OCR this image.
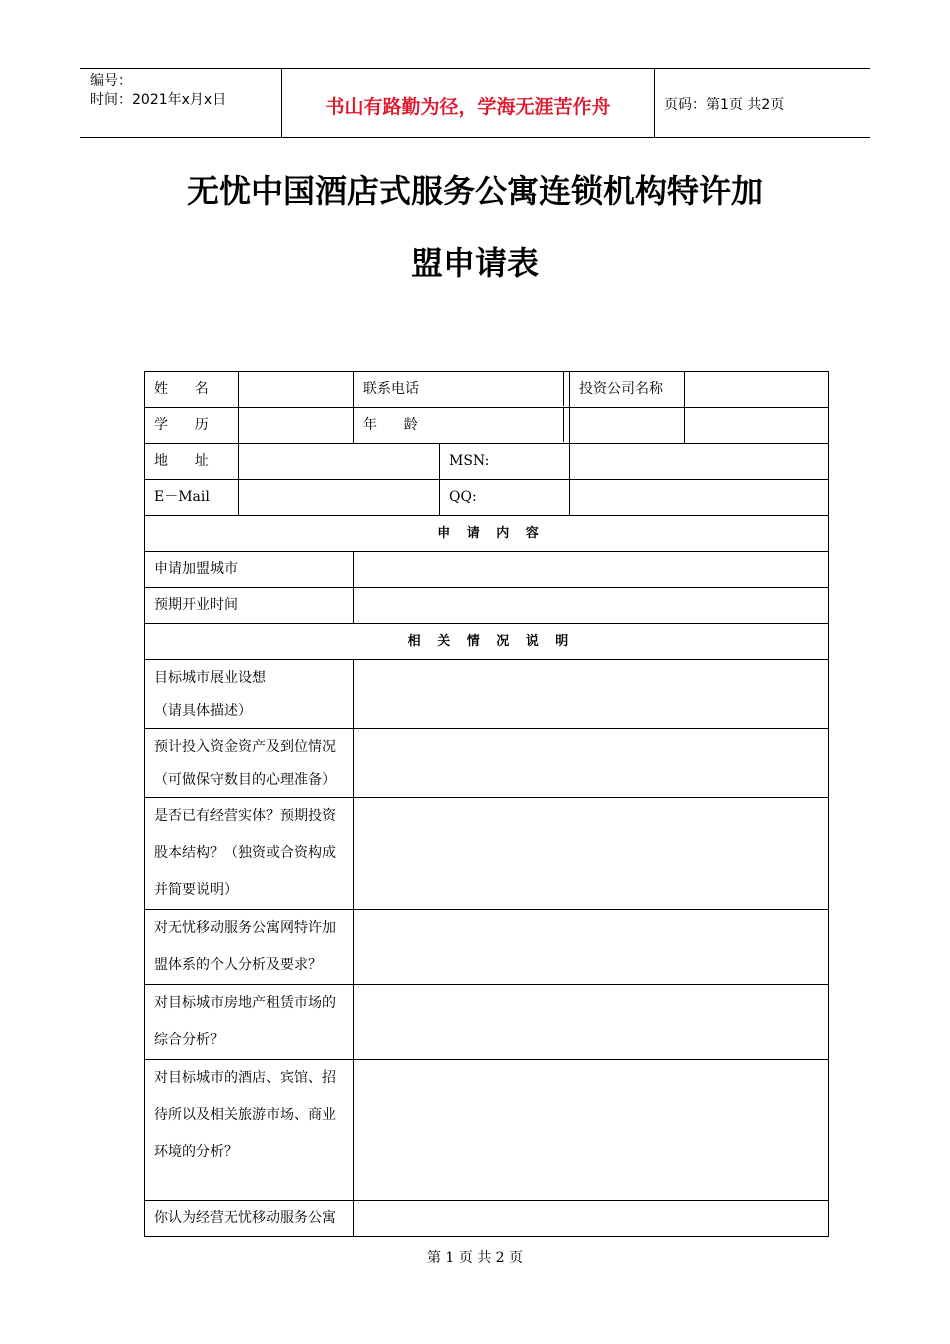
编号：
时间：2021年x月x日	书山有路勤为径，学海无涯苦作舟	页码：第1页 共2页
无忧中国酒店式服务公寓连锁机构特许加
盟申请表
姓      名		联系电话		投资公司名称	
学      历		年      龄			

地      址			MSN:		
E－Mail			QQ:		
申 请 内 容					
申请加盟城市					
预期开业时间					
相 关 情 况 说 明					

目标城市展业设想
（请具体描述）					

预计投入资金资产及到位情况
（可做保守数目的心理准备）					

是否已有经营实体？预期投资股本结构？（独资或合资构成并简要说明）					
对无忧移动服务公寓网特许加盟体系的个人分析及要求？					
对目标城市房地产租赁市场的综合分析？					
对目标城市的酒店、宾馆、招待所以及相关旅游市场、商业环境的分析？					
你认为经营无忧移动服务公寓					
第 1 页 共 2 页
